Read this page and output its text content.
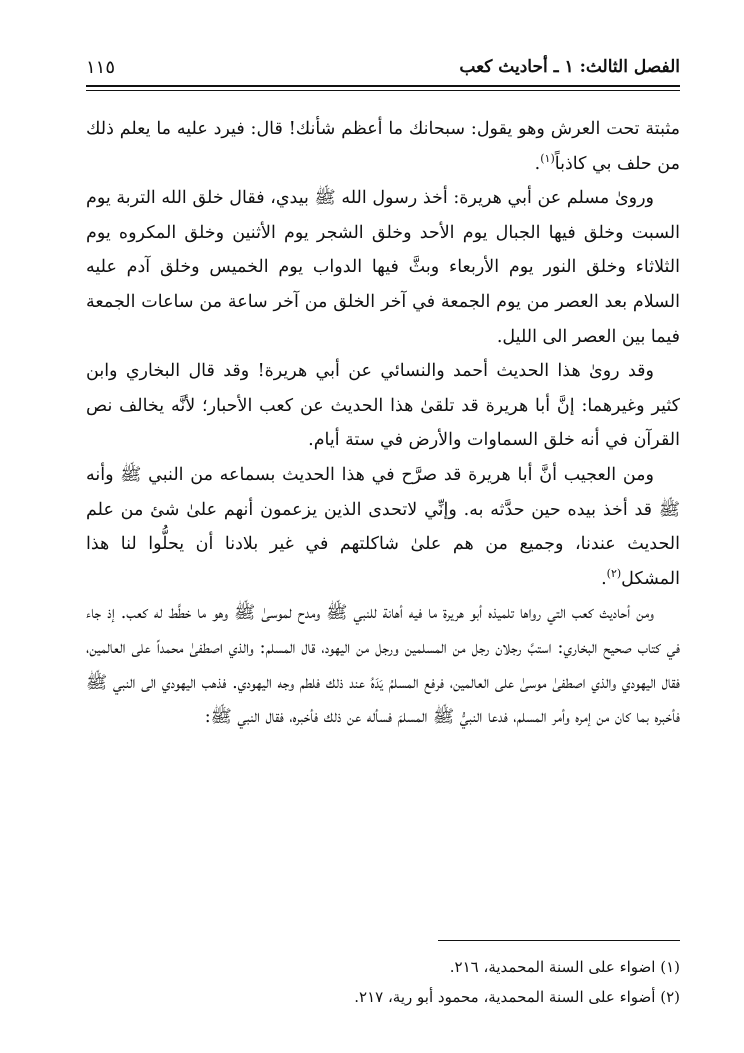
الفصل الثالث: ١ ـ أحاديث كعب
١١٥

مثبتة تحت العرش وهو يقول: سبحانك ما أعظم شأنك! قال: فيرد عليه ما يعلم ذلك من حلف بي كاذباً$^{(١)}$.

ورویٰ مسلم عن أبي هريرة: أخذ رسول الله ﷺ بيدي، فقال خلق الله التربة يوم السبت وخلق فيها الجبال يوم الأحد وخلق الشجر يوم الأثنين وخلق المكروه يوم الثلاثاء وخلق النور يوم الأربعاء وبثَّ فيها الدواب يوم الخميس وخلق آدم عليه السلام بعد العصر من يوم الجمعة في آخر الخلق من آخر ساعة من ساعات الجمعة فيما بين العصر الى الليل.

وقد رویٰ هذا الحديث أحمد والنسائي عن أبي هريرة! وقد قال البخاري وابن كثير وغيرهما: إنَّ أبا هريرة قد تلقىٰ هذا الحديث عن كعب الأحبار؛ لأنَّه يخالف نص القرآن في أنه خلق السماوات والأرض في ستة أيام.

ومن العجيب أنَّ أبا هريرة قد صرَّح في هذا الحديث بسماعه من النبي ﷺ وأنه ﷺ قد أخذ بيده حين حدَّثه به. وإنِّي لاتحدى الذين يزعمون أنهم علىٰ شئ من علم الحديث عندنا، وجميع من هم علىٰ شاكلتهم في غير بلادنا أن يحلُّوا لنا هذا المشكل$^{(٢)}$.

ومن أحاديث كعب التي رواها تلميذه أبو هريرة ما فيه أهانة للنبي ﷺ ومدح لموسىٰ ﷺ وهو ما خطَّط له كعب. إذ جاء في كتاب صحيح البخاري: استبَّ رجلان رجل من المسلمين ورجل من اليهود، قال المسلم: والذي اصطفىٰ محمداً على العالمين، فقال اليهودي والذي اصطفىٰ موسىٰ على العالمين، فرفع المسلمُ يَدَهُ عند ذلك فلطم وجه اليهودي. فذهب اليهودي الى النبي ﷺ فأخبره بما كان من إمره وأمر المسلم، فدعا النبيُّ ﷺ المسلمَ فسأله عن ذلك فأخبره، فقال النبي ﷺ:

(١) اضواء على السنة المحمدية، ٢١٦.

(٢) أضواء على السنة المحمدية، محمود أبو رية، ٢١٧.
